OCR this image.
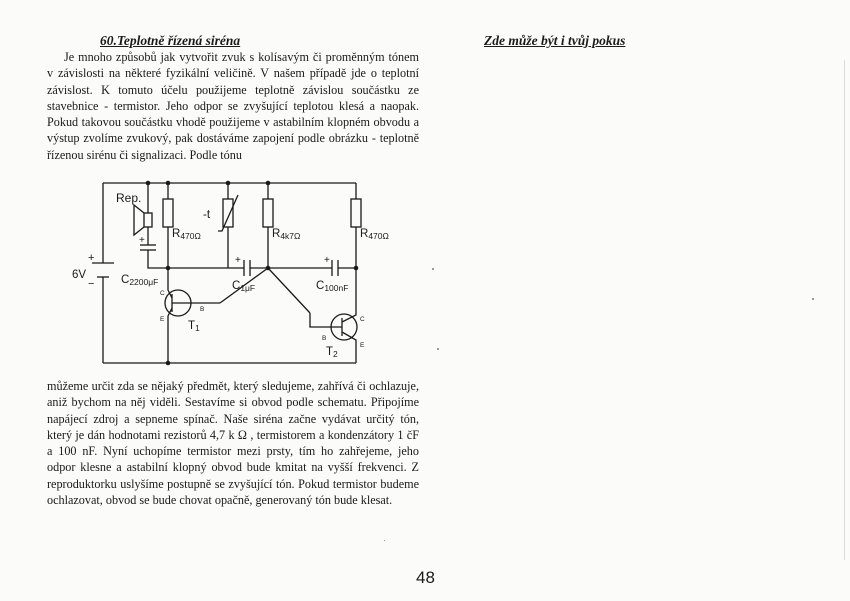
60.Teplotně řízená siréna	Zde může být i tvůj pokus

Je mnoho způsobů jak vytvořit zvuk s kolísavým či proměnným tónem v závislosti na některé fyzikální veličině. V našem případě jde o teplotní závislost. K tomuto účelu použijeme teplotně závislou součástku ze stavebnice - termistor. Jeho odpor se zvyšující teplotou klesá a naopak. Pokud takovou součástku vhodě použijeme v astabilním klopném obvodu a výstup zvolíme zvukový, pak dostáváme zapojení podle obrázku - teplotně řízenou sirénu či signalizaci. Podle tónu

+
−
6V
Rep.
+
C2200μF
R470Ω
-t
R4k7Ω	R470Ω
+
C1μF
+
C100nF
C
E
B
T1
C
E
B
T2

můžeme určit zda se nějaký předmět, který sledujeme, zahřívá či ochlazuje, aniž bychom na něj viděli. Sestavíme si obvod podle schematu. Připojíme napájecí zdroj a sepneme spínač. Naše siréna začne vydávat určitý tón, který je dán hodnotami rezistorů 4,7 k Ω , termistorem a kondenzátory 1 čF a 100 nF. Nyní uchopíme termistor mezi prsty, tím ho zahřejeme, jeho odpor klesne a astabilní klopný obvod bude kmitat na vyšší frekvenci. Z reproduktorku uslyšíme postupně se zvyšující tón. Pokud termistor budeme ochlazovat, obvod se bude chovat opačně, generovaný tón bude klesat.

48
